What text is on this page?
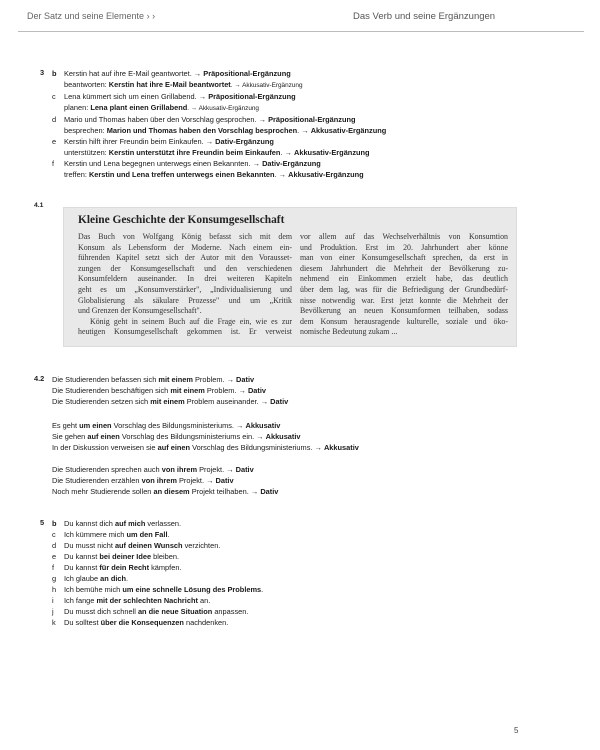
Der Satz und seine Elemente › ›	Das Verb und seine Ergänzungen
3 b Kerstin hat auf ihre E-Mail geantwortet. → Präpositional-Ergänzung
beantworten: Kerstin hat ihre E-Mail beantwortet. → Akkusativ-Ergänzung
c Lena kümmert sich um einen Grillabend. → Präpositional-Ergänzung
planen: Lena plant einen Grillabend. → Akkusativ-Ergänzung
d Mario und Thomas haben über den Vorschlag gesprochen. → Präpositional-Ergänzung
besprechen: Marion und Thomas haben den Vorschlag besprochen. → Akkusativ-Ergänzung
e Kerstin hilft ihrer Freundin beim Einkaufen. → Dativ-Ergänzung
unterstützen: Kerstin unterstützt ihre Freundin beim Einkaufen. → Akkusativ-Ergänzung
f Kerstin und Lena begegnen unterwegs einen Bekannten. → Dativ-Ergänzung
treffen: Kerstin und Lena treffen unterwegs einen Bekannten. → Akkusativ-Ergänzung
4.1
Kleine Geschichte der Konsumgesellschaft
Das Buch von Wolfgang König befasst sich mit dem
Konsum als Lebensform der Moderne. Nach einem ein-
führenden Kapitel setzt sich der Autor mit den Vorausset-
zungen der Konsumgesellschaft und den verschiedenen
Konsumfeldern auseinander. In drei weiteren Kapiteln
geht es um „Konsumverstärker", „Individualisierung und
Globalisierung als säkulare Prozesse" und um „Kritik
und Grenzen der Konsumgesellschaft".
König geht in seinem Buch auf die Frage ein, wie es zur
heutigen Konsumgesellschaft gekommen ist. Er verweist
vor allem auf das Wechselverhältnis von Konsumtion
und Produktion. Erst im 20. Jahrhundert aber könne
man von einer Konsumgesellschaft sprechen, da erst in
diesem Jahrhundert die Mehrheit der Bevölkerung zu-
nehmend ein Einkommen erzielt habe, das deutlich
über dem lag, was für die Befriedigung der Grundbedürf-
nisse notwendig war. Erst jetzt konnte die Mehrheit der
Bevölkerung an neuen Konsumformen teilhaben, sodass
dem Konsum herausragende kulturelle, soziale und öko-
nomische Bedeutung zukam ...
4.2 Die Studierenden befassen sich mit einem Problem. → Dativ
Die Studierenden beschäftigen sich mit einem Problem. → Dativ
Die Studierenden setzen sich mit einem Problem auseinander. → Dativ
Es geht um einen Vorschlag des Bildungsministeriums. → Akkusativ
Sie gehen auf einen Vorschlag des Bildungsministeriums ein. → Akkusativ
In der Diskussion verweisen sie auf einen Vorschlag des Bildungsministeriums. → Akkusativ
Die Studierenden sprechen auch von ihrem Projekt. → Dativ
Die Studierenden erzählen von ihrem Projekt. → Dativ
Noch mehr Studierende sollen an diesem Projekt teilhaben. → Dativ
5 b Du kannst dich auf mich verlassen.
c Ich kümmere mich um den Fall.
d Du musst nicht auf deinen Wunsch verzichten.
e Du kannst bei deiner Idee bleiben.
f Du kannst für dein Recht kämpfen.
g Ich glaube an dich.
h Ich bemühe mich um eine schnelle Lösung des Problems.
i Ich fange mit der schlechten Nachricht an.
j Du musst dich schnell an die neue Situation anpassen.
k Du solltest über die Konsequenzen nachdenken.
5
